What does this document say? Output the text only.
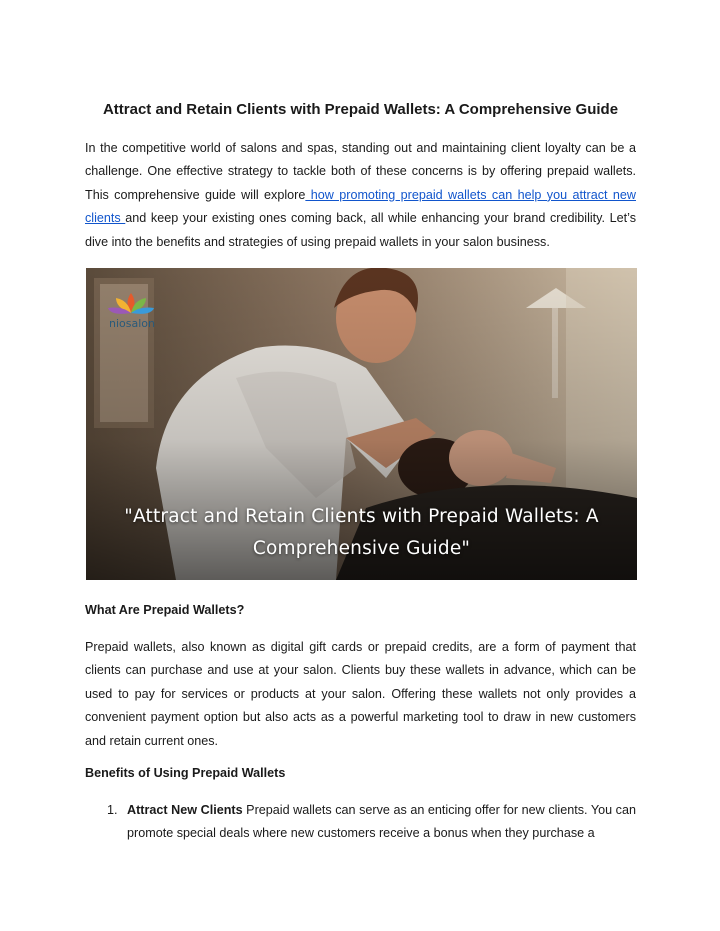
Attract and Retain Clients with Prepaid Wallets: A Comprehensive Guide

In the competitive world of salons and spas, standing out and maintaining client loyalty can be a challenge. One effective strategy to tackle both of these concerns is by offering prepaid wallets. This comprehensive guide will explore how promoting prepaid wallets can help you attract new clients and keep your existing ones coming back, all while enhancing your brand credibility. Let’s dive into the benefits and strategies of using prepaid wallets in your salon business.

niosalon
"Attract and Retain Clients with Prepaid Wallets: A
Comprehensive Guide"
What Are Prepaid Wallets?

Prepaid wallets, also known as digital gift cards or prepaid credits, are a form of payment that clients can purchase and use at your salon. Clients buy these wallets in advance, which can be used to pay for services or products at your salon. Offering these wallets not only provides a convenient payment option but also acts as a powerful marketing tool to draw in new customers and retain current ones.

Benefits of Using Prepaid Wallets
1. Attract New Clients Prepaid wallets can serve as an enticing offer for new clients. You can promote special deals where new customers receive a bonus when they purchase a
